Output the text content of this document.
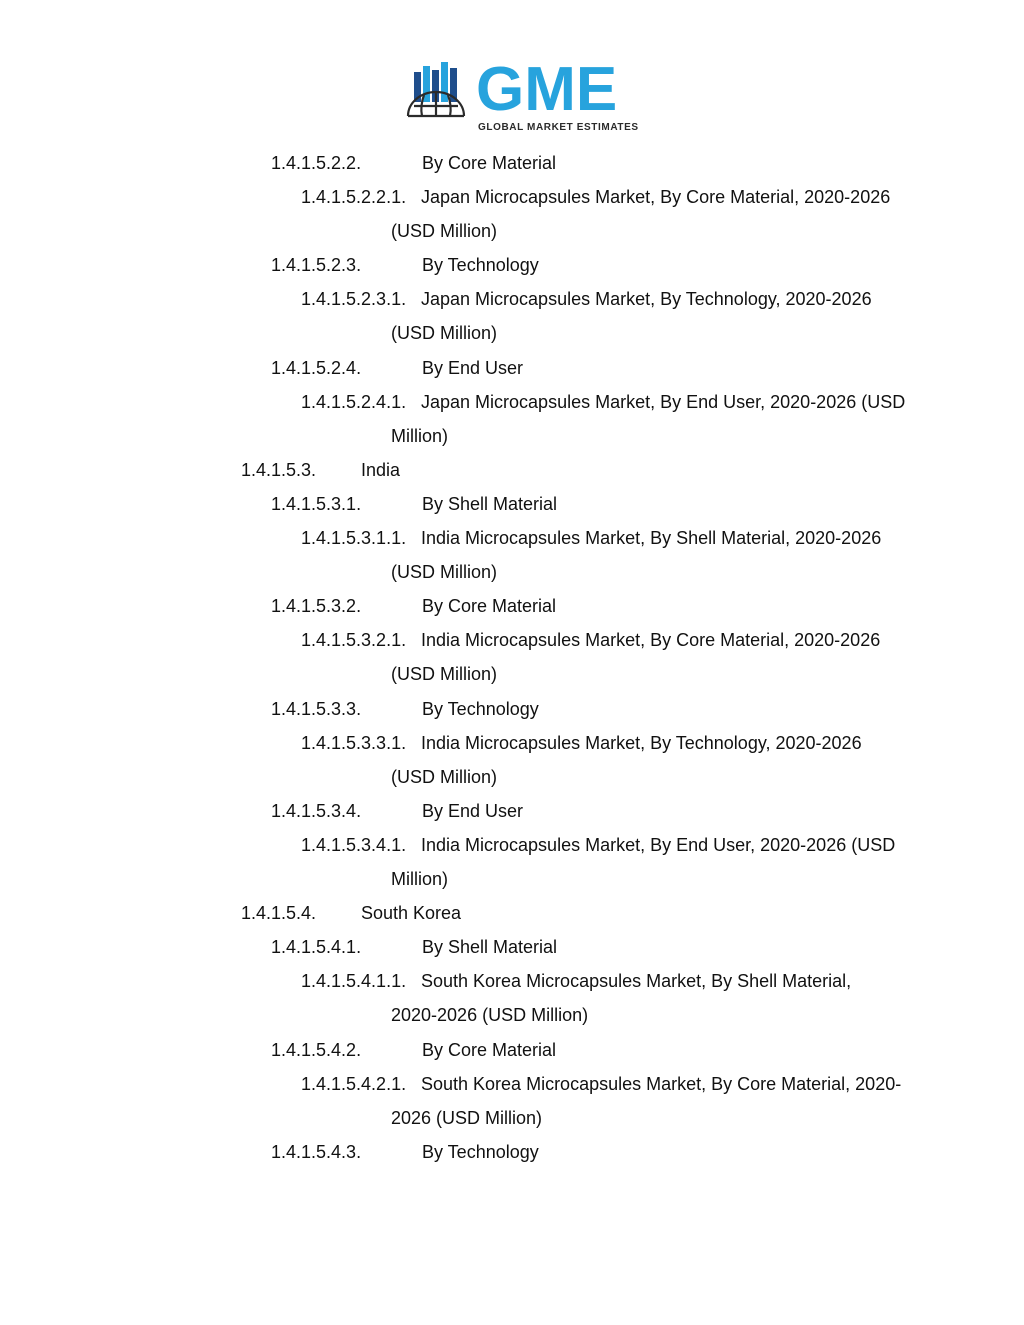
GME
GLOBAL MARKET ESTIMATES
1.4.1.5.2.2.	By Core Material
1.4.1.5.2.2.1. Japan Microcapsules Market, By Core Material, 2020-2026
(USD Million)
1.4.1.5.2.3.	By Technology
1.4.1.5.2.3.1. Japan Microcapsules Market, By Technology, 2020-2026
(USD Million)
1.4.1.5.2.4.	By End User
1.4.1.5.2.4.1. Japan Microcapsules Market, By End User, 2020-2026 (USD
Million)
1.4.1.5.3. India
1.4.1.5.3.1.	By Shell Material
1.4.1.5.3.1.1. India Microcapsules Market, By Shell Material, 2020-2026
(USD Million)
1.4.1.5.3.2.	By Core Material
1.4.1.5.3.2.1. India Microcapsules Market, By Core Material, 2020-2026
(USD Million)
1.4.1.5.3.3.	By Technology
1.4.1.5.3.3.1. India Microcapsules Market, By Technology, 2020-2026
(USD Million)
1.4.1.5.3.4.	By End User
1.4.1.5.3.4.1. India Microcapsules Market, By End User, 2020-2026 (USD
Million)
1.4.1.5.4. South Korea
1.4.1.5.4.1.	By Shell Material
1.4.1.5.4.1.1. South Korea Microcapsules Market, By Shell Material,
2020-2026 (USD Million)
1.4.1.5.4.2.	By Core Material
1.4.1.5.4.2.1. South Korea Microcapsules Market, By Core Material, 2020-
2026 (USD Million)
1.4.1.5.4.3.	By Technology
